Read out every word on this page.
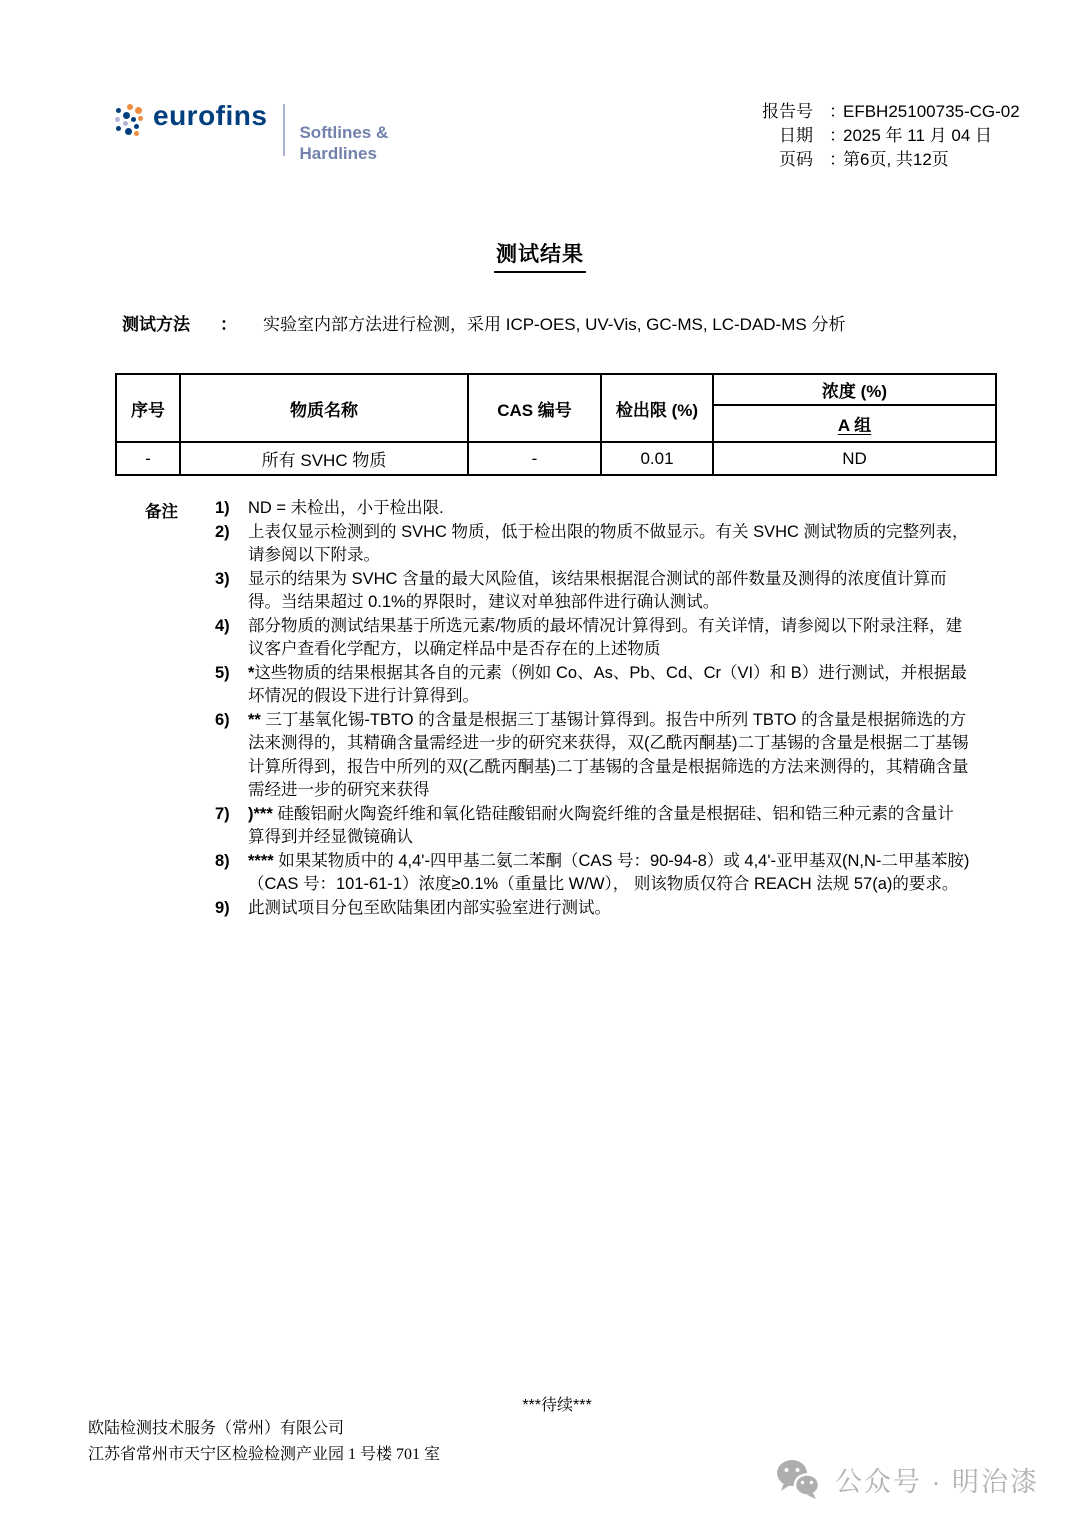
eurofins
Softlines &
Hardlines
报告号 ：
EFBH25100735-CG-02
日期 ：
2025 年 11 月 04 日
页码 ：
第6页, 共12页
测试结果
测试方法	： 实验室内部方法进行检测，采用 ICP-OES, UV-Vis, GC-MS, LC-DAD-MS 分析
序号	物质名称	CAS 编号	检出限 (%)	浓度 (%)
				A 组
-	所有 SVHC 物质	-	0.01	ND
备注 1)	ND = 未检出，小于检出限.
2)	上表仅显示检测到的 SVHC 物质，低于检出限的物质不做显示。有关 SVHC 测试物质的完整列表，请参阅以下附录。
3)	显示的结果为 SVHC 含量的最大风险值，该结果根据混合测试的部件数量及测得的浓度值计算而得。当结果超过 0.1%的界限时，建议对单独部件进行确认测试。
4)	部分物质的测试结果基于所选元素/物质的最坏情况计算得到。有关详情，请参阅以下附录注释，建议客户查看化学配方，以确定样品中是否存在的上述物质
5)	*这些物质的结果根据其各自的元素（例如 Co、As、Pb、Cd、Cr（VI）和 B）进行测试，并根据最坏情况的假设下进行计算得到。
6)	** 三丁基氧化锡-TBTO 的含量是根据三丁基锡计算得到。报告中所列 TBTO 的含量是根据筛选的方法来测得的，其精确含量需经进一步的研究来获得，双(乙酰丙酮基)二丁基锡的含量是根据二丁基锡计算所得到，报告中所列的双(乙酰丙酮基)二丁基锡的含量是根据筛选的方法来测得的，其精确含量需经进一步的研究来获得
7)	)*** 硅酸铝耐火陶瓷纤维和氧化锆硅酸铝耐火陶瓷纤维的含量是根据硅、铝和锆三种元素的含量计算得到并经显微镜确认
8)	**** 如果某物质中的 4,4'-四甲基二氨二苯酮（CAS 号：90-94-8）或 4,4'-亚甲基双(N,N-二甲基苯胺)（CAS 号：101-61-1）浓度≥0.1%（重量比 W/W）， 则该物质仅符合 REACH 法规 57(a)的要求。
9)	此测试项目分包至欧陆集团内部实验室进行测试。
***待续***
欧陆检测技术服务（常州）有限公司
江苏省常州市天宁区检验检测产业园 1 号楼 701 室
公众号 · 明治漆
